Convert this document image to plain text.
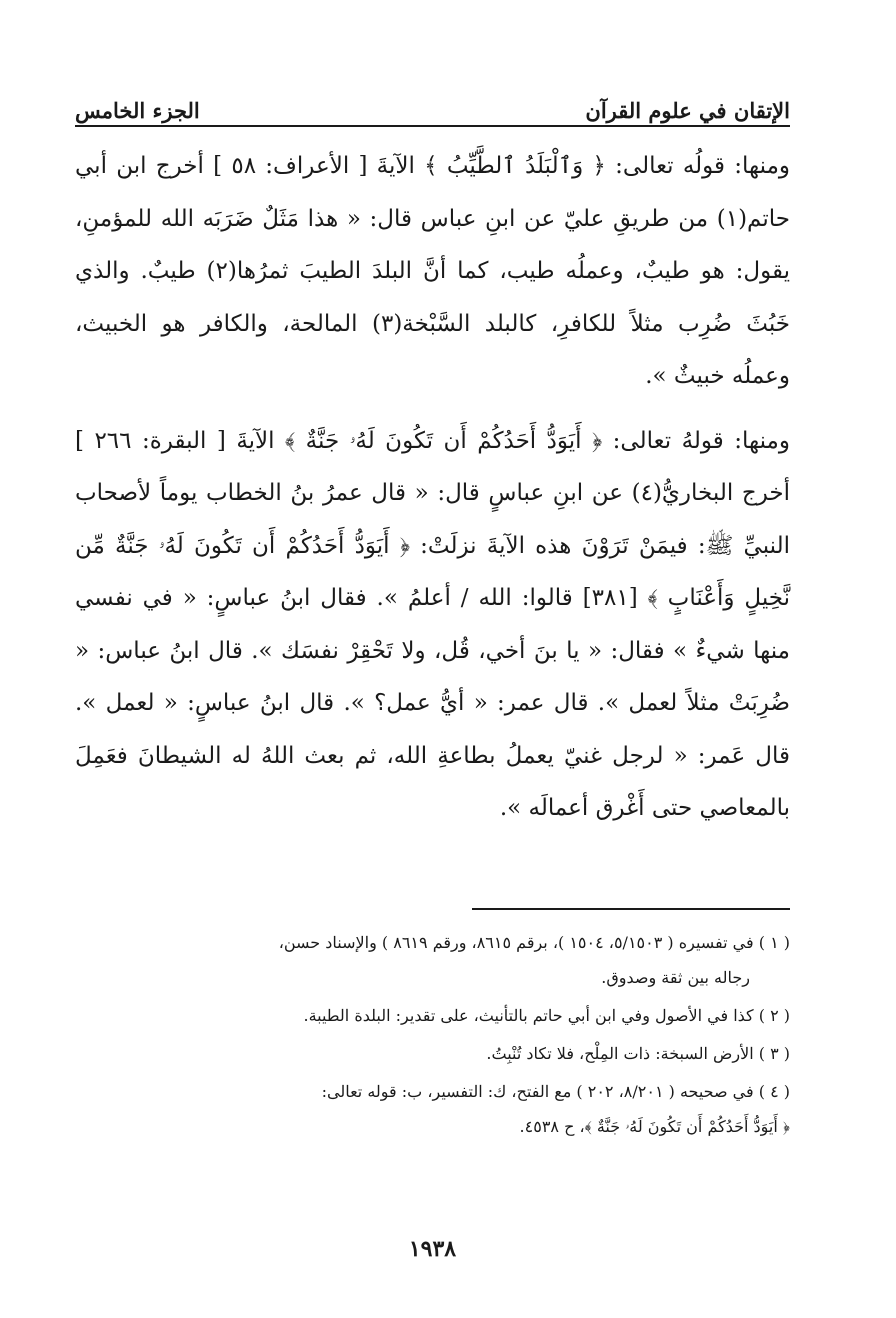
الإتقان في علوم القرآن
الجزء الخامس

ومنها: قولُه تعالى: ﴿ وَٱلْبَلَدُ ٱلطَّيِّبُ ﴾ الآيةَ [ الأعراف: ٥٨ ] أخرج ابن أبي حاتم(١) من طريقِ عليّ عن ابنِ عباس قال: « هذا مَثَلٌ ضَرَبَه الله للمؤمنِ، يقول: هو طيبٌ، وعملُه طيب، كما أنَّ البلدَ الطيبَ ثمرُها(٢) طيبٌ. والذي خَبُثَ ضُرِب مثلاً للكافرِ، كالبلد السَّبْخة(٣) المالحة، والكافر هو الخبيث، وعملُه خبيثٌ ».

ومنها: قولهُ تعالى: ﴿ أَيَوَدُّ أَحَدُكُمْ أَن تَكُونَ لَهُۥ جَنَّةٌ ﴾ الآيةَ [ البقرة: ٢٦٦ ] أخرج البخاريُّ(٤) عن ابنِ عباسٍ قال: « قال عمرُ بنُ الخطاب يوماً لأصحاب النبيِّ ﷺ: فيمَنْ تَرَوْنَ هذه الآيةَ نزلَتْ: ﴿ أَيَوَدُّ أَحَدُكُمْ أَن تَكُونَ لَهُۥ جَنَّةٌ مِّن نَّخِيلٍ وَأَعْنَابٍ ﴾ [٣٨١] قالوا: الله / أعلمُ ». فقال ابنُ عباسٍ: « في نفسي منها شيءٌ » فقال: « يا بنَ أخي، قُل، ولا تَحْقِرْ نفسَك ». قال ابنُ عباس: « ضُرِبَتْ مثلاً لعمل ». قال عمر: « أيُّ عمل؟ ». قال ابنُ عباسٍ: « لعمل ». قال عَمر: « لرجل غنيّ يعملُ بطاعةِ الله، ثم بعث اللهُ له الشيطانَ فعَمِلَ بالمعاصي حتى أَغْرق أعمالَه ».

( ١ ) في تفسيره ( ٥/١٥٠٣، ١٥٠٤ )، برقم ٨٦١٥، ورقم ٨٦١٩ ) والإسناد حسن،

رجاله بين ثقة وصدوق.

( ٢ ) كذا في الأصول وفي ابن أبي حاتم بالتأنيث، على تقدير: البلدة الطيبة.

( ٣ ) الأرض السبخة: ذات المِلْح، فلا تكاد تُنْبِتُ.

( ٤ ) في صحيحه ( ٨/٢٠١، ٢٠٢ ) مع الفتح، ك: التفسير، ب: قوله تعالى:

﴿ أَيَوَدُّ أَحَدُكُمْ أَن تَكُونَ لَهُۥ جَنَّةٌ ﴾، ح ٤٥٣٨.

١٩٣٨
